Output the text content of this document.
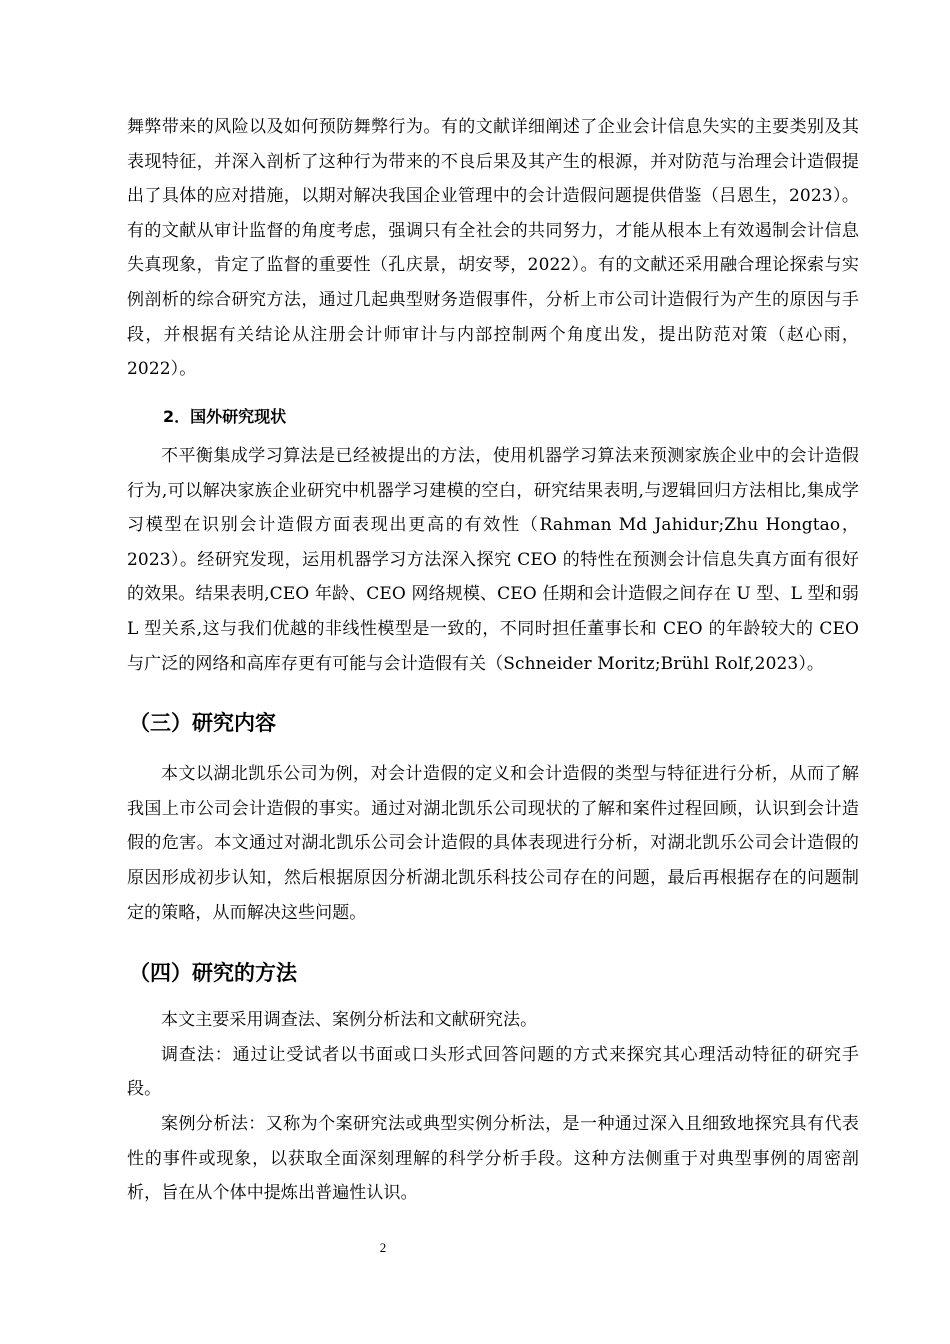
舞弊带来的风险以及如何预防舞弊行为。有的文献详细阐述了企业会计信息失实的主要类别及其表现特征，并深入剖析了这种行为带来的不良后果及其产生的根源，并对防范与治理会计造假提出了具体的应对措施，以期对解决我国企业管理中的会计造假问题提供借鉴（吕恩生，2023）。有的文献从审计监督的角度考虑，强调只有全社会的共同努力，才能从根本上有效遏制会计信息失真现象，肯定了监督的重要性（孔庆景，胡安琴，2022）。有的文献还采用融合理论探索与实例剖析的综合研究方法，通过几起典型财务造假事件，分析上市公司计造假行为产生的原因与手段，并根据有关结论从注册会计师审计与内部控制两个角度出发，提出防范对策（赵心雨，2022）。

2．国外研究现状

不平衡集成学习算法是已经被提出的方法，使用机器学习算法来预测家族企业中的会计造假行为,可以解决家族企业研究中机器学习建模的空白，研究结果表明,与逻辑回归方法相比,集成学习模型在识别会计造假方面表现出更高的有效性（Rahman Md Jahidur;Zhu Hongtao，2023）。经研究发现，运用机器学习方法深入探究 CEO 的特性在预测会计信息失真方面有很好的效果。结果表明,CEO 年龄、CEO 网络规模、CEO 任期和会计造假之间存在 U 型、L 型和弱 L 型关系,这与我们优越的非线性模型是一致的，不同时担任董事长和 CEO 的年龄较大的 CEO 与广泛的网络和高库存更有可能与会计造假有关（Schneider Moritz;Brühl Rolf,2023）。

（三）研究内容

本文以湖北凯乐公司为例，对会计造假的定义和会计造假的类型与特征进行分析，从而了解我国上市公司会计造假的事实。通过对湖北凯乐公司现状的了解和案件过程回顾，认识到会计造假的危害。本文通过对湖北凯乐公司会计造假的具体表现进行分析，对湖北凯乐公司会计造假的原因形成初步认知，然后根据原因分析湖北凯乐科技公司存在的问题，最后再根据存在的问题制定的策略，从而解决这些问题。

（四）研究的方法

本文主要采用调查法、案例分析法和文献研究法。

调查法：通过让受试者以书面或口头形式回答问题的方式来探究其心理活动特征的研究手段。

案例分析法：又称为个案研究法或典型实例分析法，是一种通过深入且细致地探究具有代表性的事件或现象，以获取全面深刻理解的科学分析手段。这种方法侧重于对典型事例的周密剖析，旨在从个体中提炼出普遍性认识。

2
